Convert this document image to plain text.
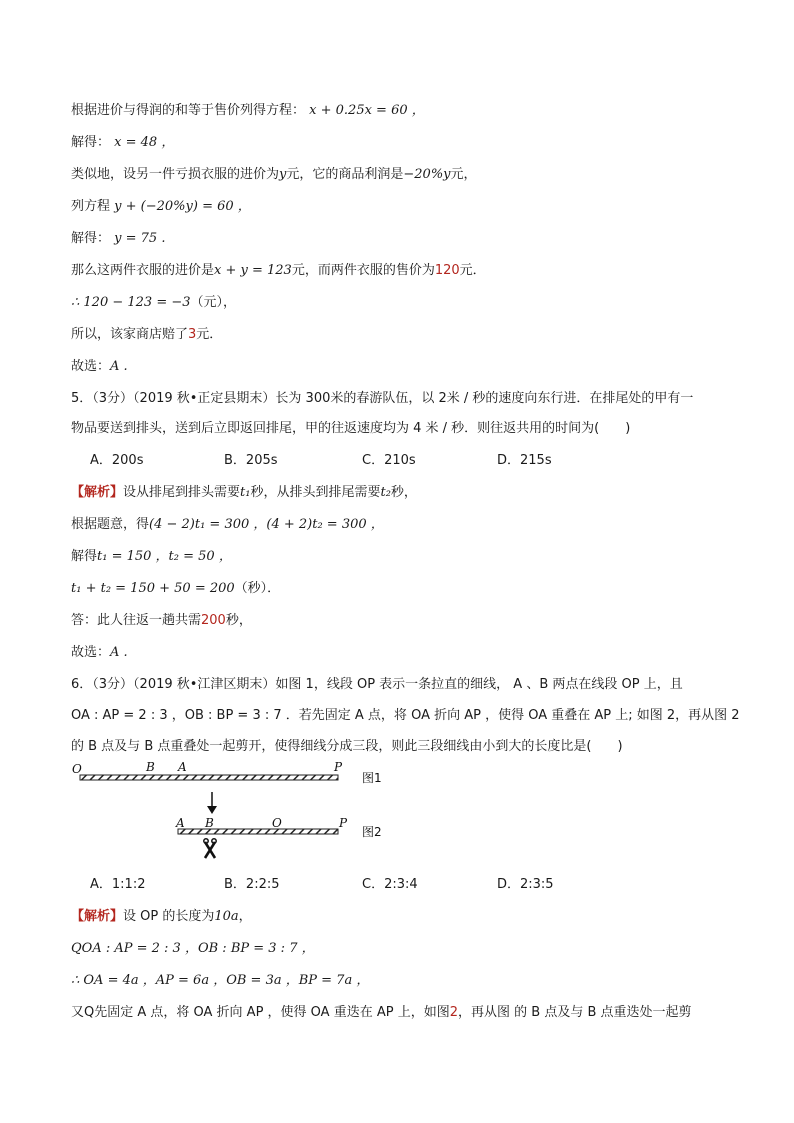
根据进价与得润的和等于售价列得方程： x + 0.25x = 60 ，
解得： x = 48 ，
类似地，设另一件亏损衣服的进价为y元，它的商品利润是−20%y元，
列方程 y + (−20%y) = 60 ，
解得： y = 75 .
那么这两件衣服的进价是x + y = 123元，而两件衣服的售价为120元．
∴ 120 − 123 = −3（元），
所以，该家商店赔了3元．
故选：A .
5．（3分）（2019 秋•正定县期末）长为 300米的春游队伍，以 2米 / 秒的速度向东行进．在排尾处的甲有一
物品要送到排头，送到后立即返回排尾，甲的往返速度均为 4 米 / 秒．则往返共用的时间为(　　)
A．200s	B．205s	C．210s	D．215s
【解析】设从排尾到排头需要t₁秒，从排头到排尾需要t₂秒，
根据题意，得(4 − 2)t₁ = 300 ，(4 + 2)t₂ = 300 ，
解得t₁ = 150 ，t₂ = 50 ，
t₁ + t₂ = 150 + 50 = 200（秒）．
答：此人往返一趟共需200秒，
故选：A .
6．（3分）（2019 秋•江津区期末）如图 1，线段 OP 表示一条拉直的细线， A 、B 两点在线段 OP 上，且
OA : AP = 2 : 3 ，OB : BP = 3 : 7 ．若先固定 A 点，将 OA 折向 AP ，使得 OA 重叠在 AP 上; 如图 2，再从图 2
的 B 点及与 B 点重叠处一起剪开，使得细线分成三段，则此三段细线由小到大的长度比是(　　)
O	B A	P
图1
A B	O	P
图2
A．1:1:2	B．2:2:5	C．2:3:4	D．2:3:5
【解析】设 OP 的长度为10a，
QOA : AP = 2 : 3 ，OB : BP = 3 : 7 ，
∴ OA = 4a ，AP = 6a ，OB = 3a ，BP = 7a ，
又Q先固定 A 点，将 OA 折向 AP ，使得 OA 重迭在 AP 上，如图2，再从图 的 B 点及与 B 点重迭处一起剪
